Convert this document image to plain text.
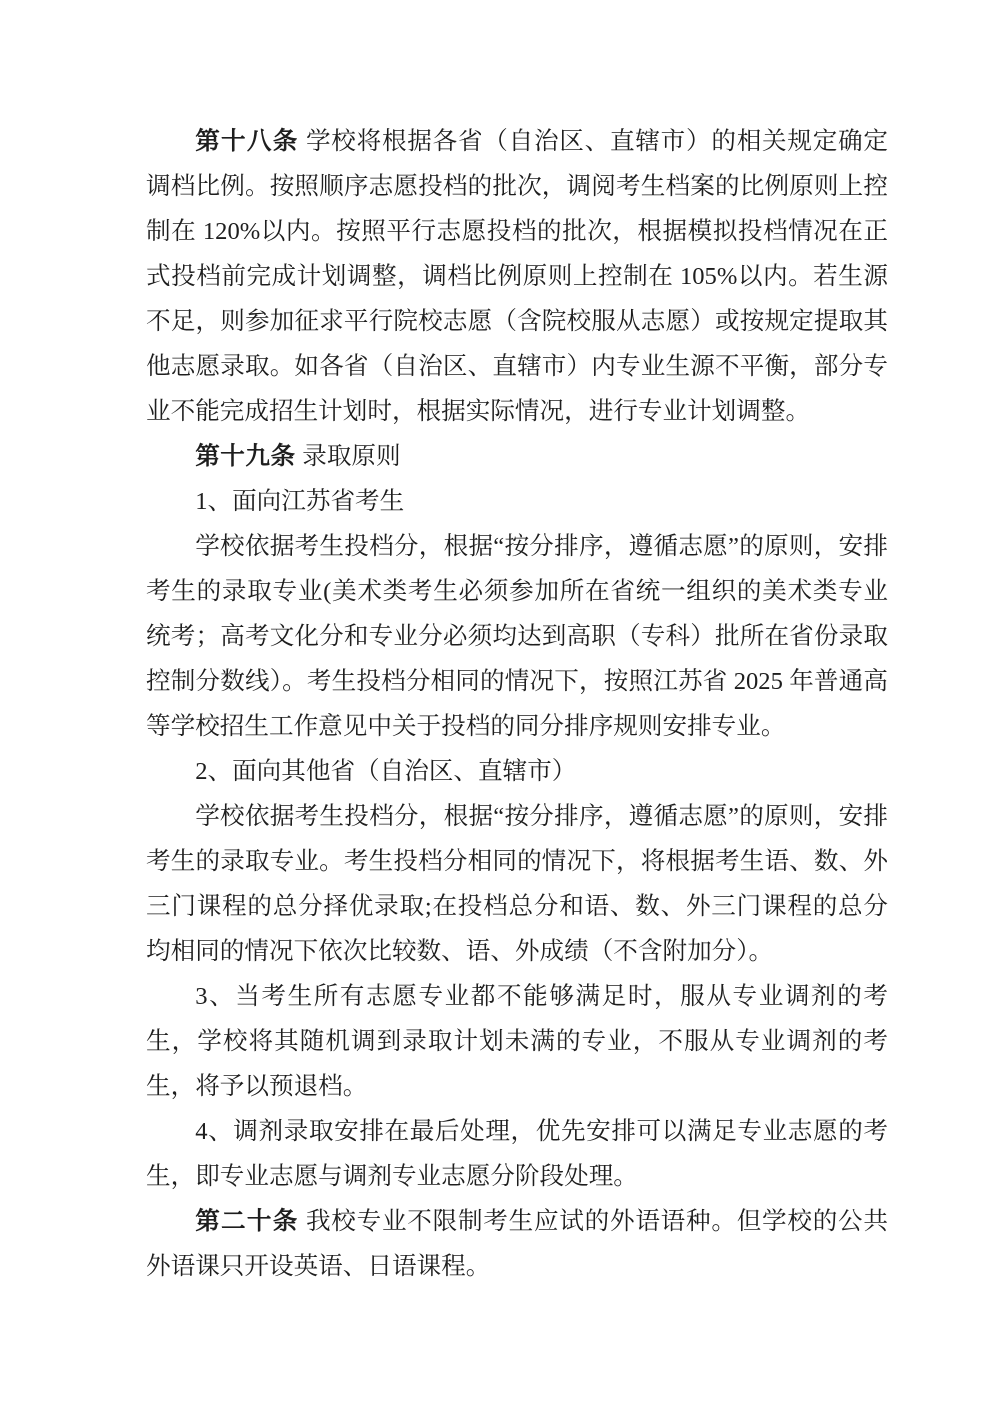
第十八条 学校将根据各省（自治区、直辖市）的相关规定确定调档比例。按照顺序志愿投档的批次，调阅考生档案的比例原则上控制在 120%以内。按照平行志愿投档的批次，根据模拟投档情况在正式投档前完成计划调整，调档比例原则上控制在 105%以内。若生源不足，则参加征求平行院校志愿（含院校服从志愿）或按规定提取其他志愿录取。如各省（自治区、直辖市）内专业生源不平衡，部分专业不能完成招生计划时，根据实际情况，进行专业计划调整。

第十九条 录取原则

1、面向江苏省考生

学校依据考生投档分，根据“按分排序，遵循志愿”的原则，安排考生的录取专业(美术类考生必须参加所在省统一组织的美术类专业统考；高考文化分和专业分必须均达到高职（专科）批所在省份录取控制分数线）。考生投档分相同的情况下，按照江苏省 2025 年普通高等学校招生工作意见中关于投档的同分排序规则安排专业。

2、面向其他省（自治区、直辖市）

学校依据考生投档分，根据“按分排序，遵循志愿”的原则，安排考生的录取专业。考生投档分相同的情况下，将根据考生语、数、外三门课程的总分择优录取;在投档总分和语、数、外三门课程的总分均相同的情况下依次比较数、语、外成绩（不含附加分）。

3、当考生所有志愿专业都不能够满足时，服从专业调剂的考生，学校将其随机调到录取计划未满的专业，不服从专业调剂的考生，将予以预退档。

4、调剂录取安排在最后处理，优先安排可以满足专业志愿的考生，即专业志愿与调剂专业志愿分阶段处理。

第二十条 我校专业不限制考生应试的外语语种。但学校的公共外语课只开设英语、日语课程。
